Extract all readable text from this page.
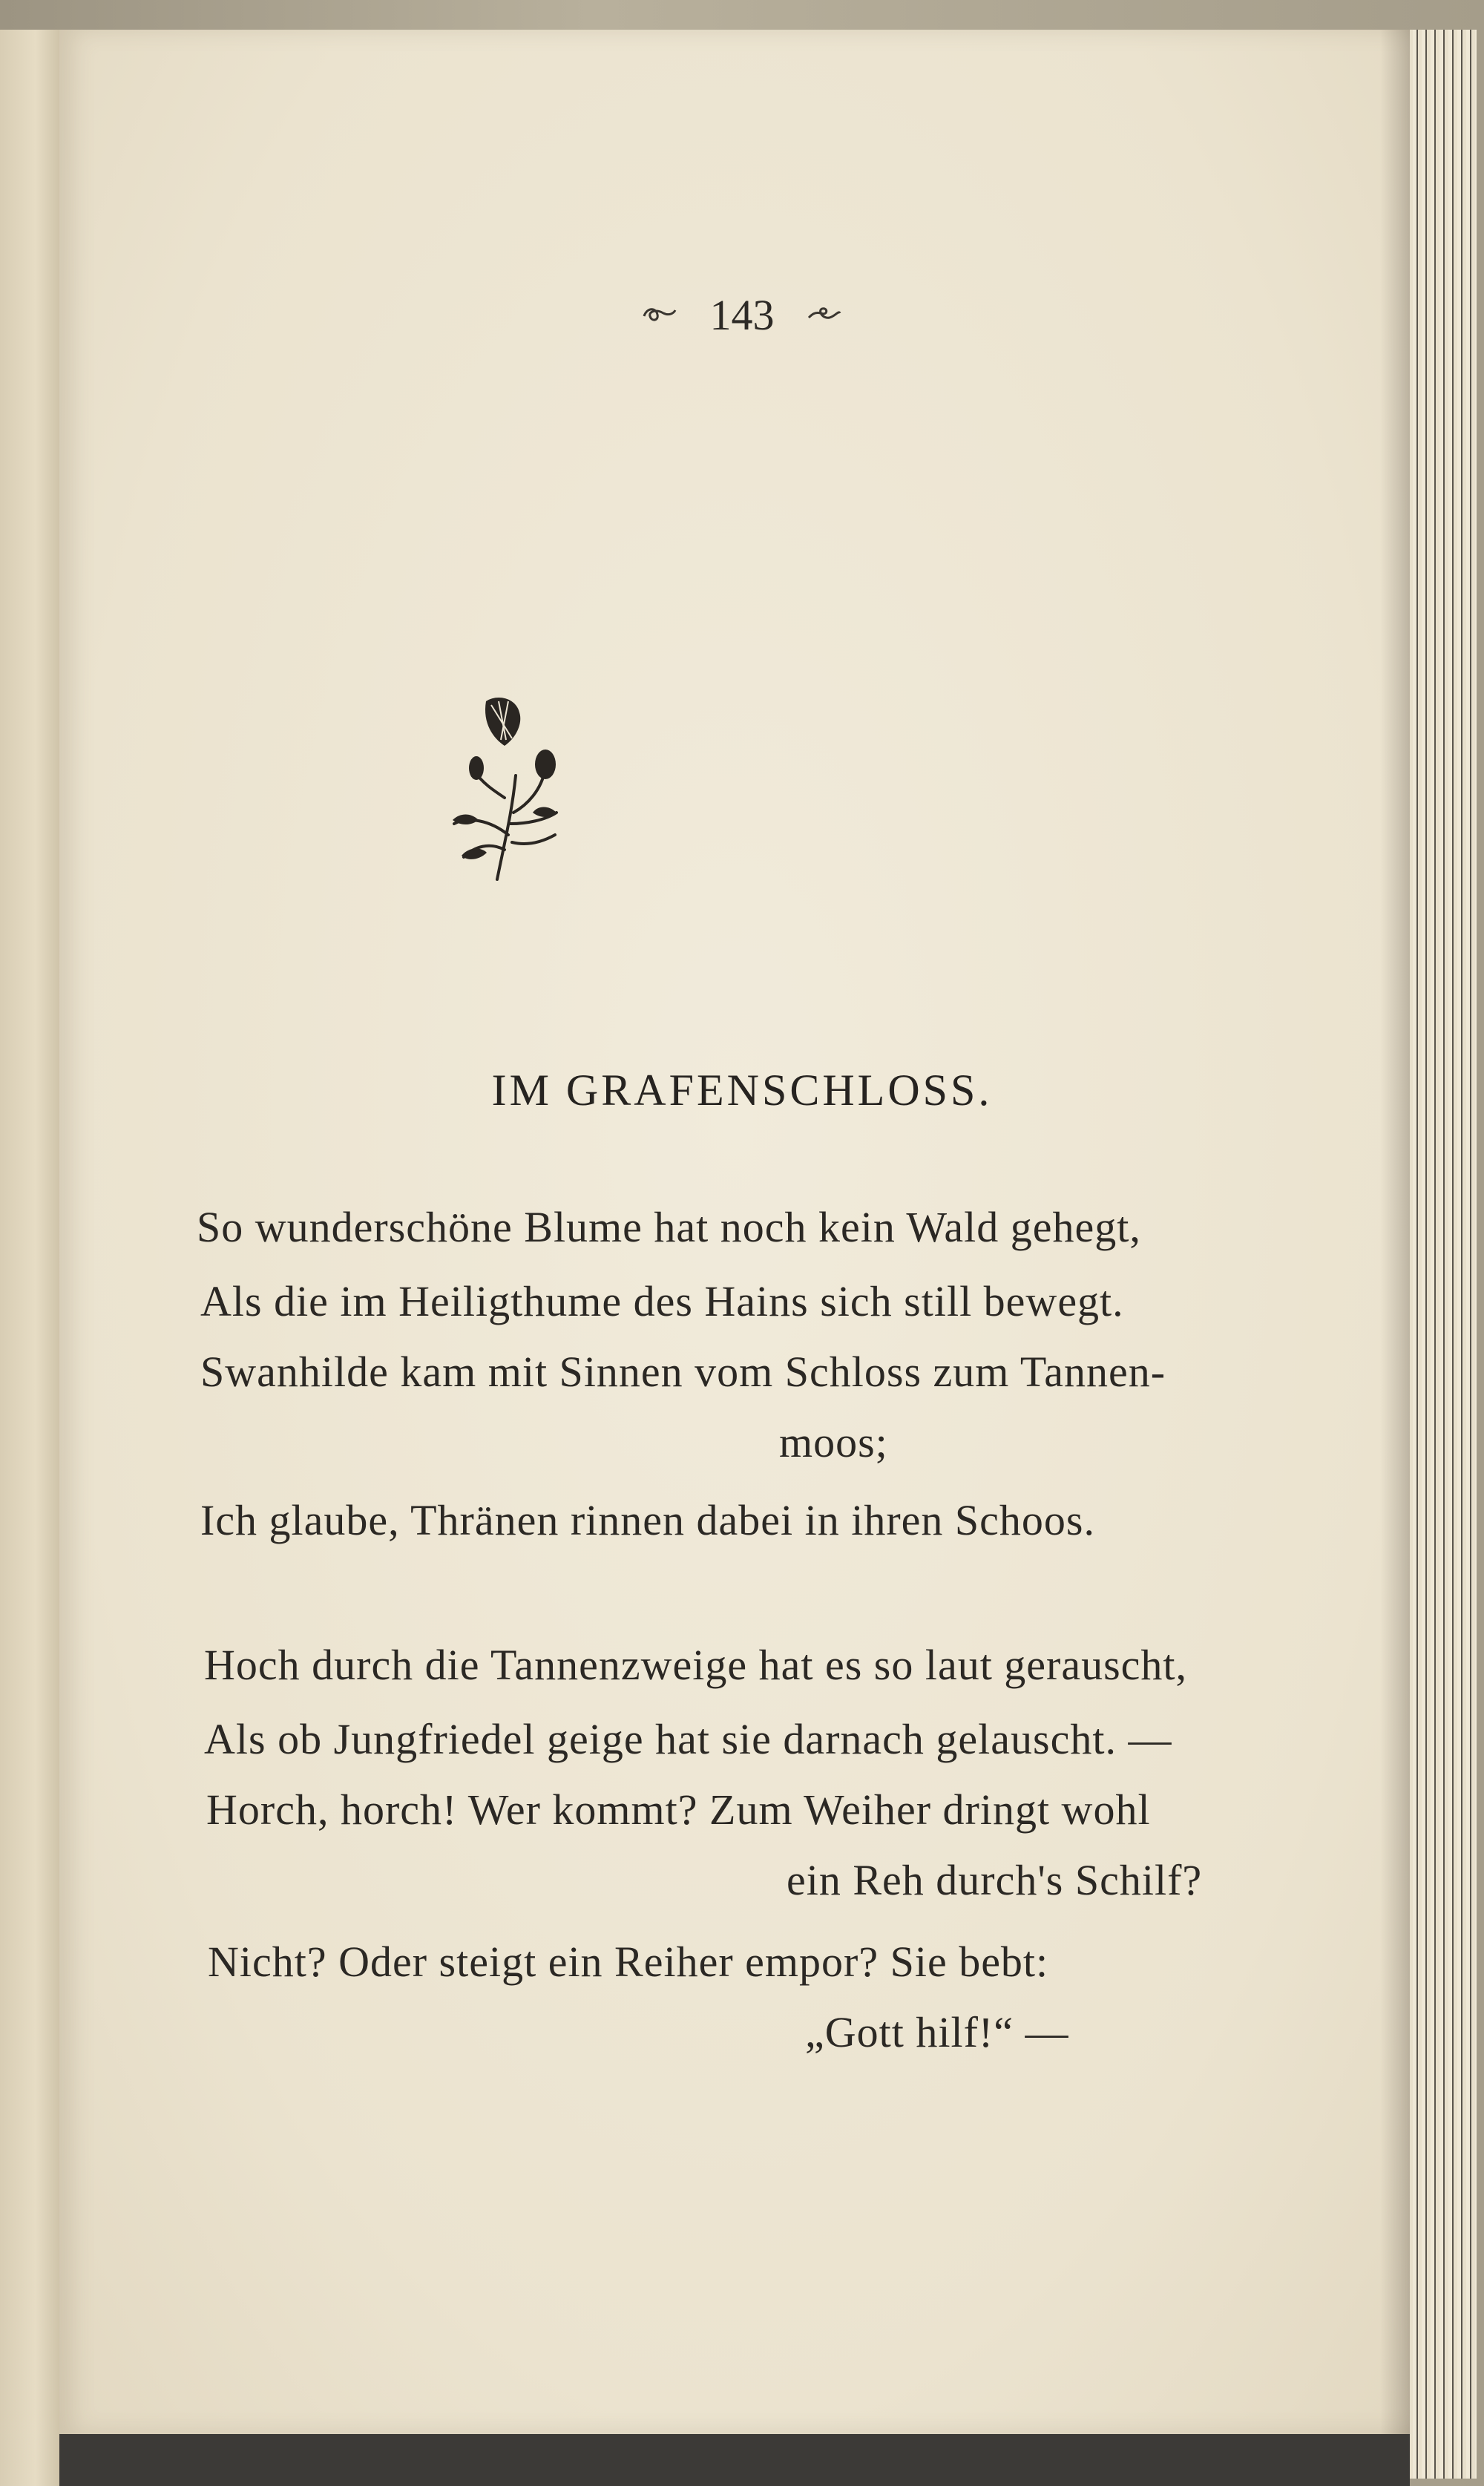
143
IM GRAFENSCHLOSS.
So wunderschöne Blume hat noch kein Wald gehegt,
Als die im Heiligthume des Hains sich still bewegt.
Swanhilde kam mit Sinnen vom Schloss zum Tannen-
moos;
Ich glaube, Thränen rinnen dabei in ihren Schoos.
Hoch durch die Tannenzweige hat es so laut gerauscht,
Als ob Jungfriedel geige hat sie darnach gelauscht. —
Horch, horch! Wer kommt? Zum Weiher dringt wohl
ein Reh durch's Schilf?
Nicht? Oder steigt ein Reiher empor? Sie bebt:
„Gott hilf!“ —
